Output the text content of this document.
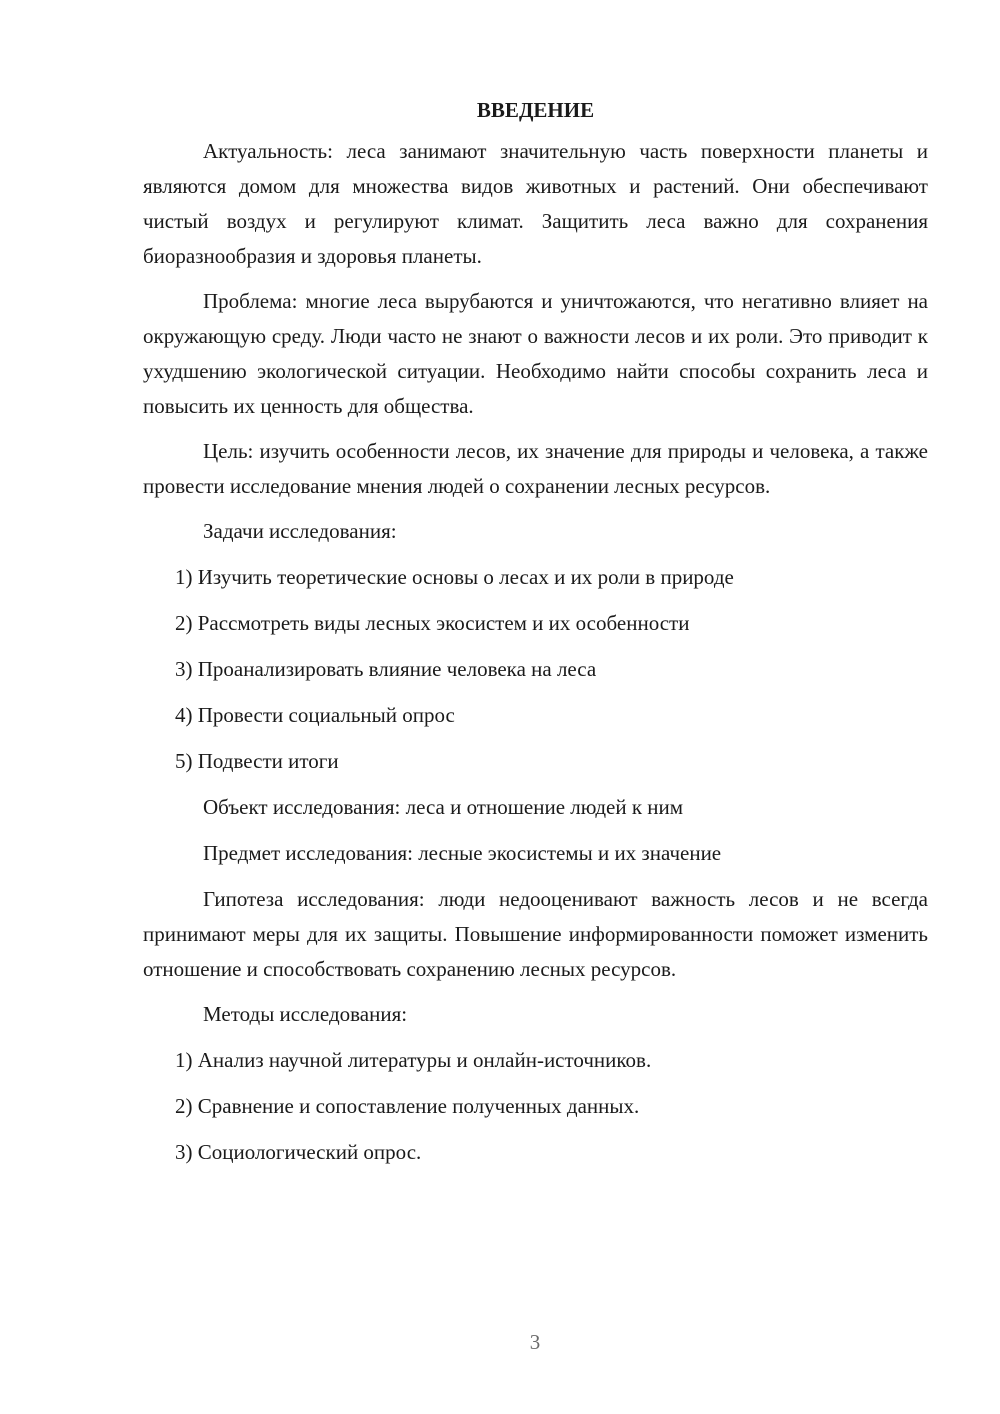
ВВЕДЕНИЕ

Актуальность: леса занимают значительную часть поверхности планеты и являются домом для множества видов животных и растений. Они обеспечивают чистый воздух и регулируют климат. Защитить леса важно для сохранения биоразнообразия и здоровья планеты.

Проблема: многие леса вырубаются и уничтожаются, что негативно влияет на окружающую среду. Люди часто не знают о важности лесов и их роли. Это приводит к ухудшению экологической ситуации. Необходимо найти способы сохранить леса и повысить их ценность для общества.

Цель: изучить особенности лесов, их значение для природы и человека, а также провести исследование мнения людей о сохранении лесных ресурсов.

Задачи исследования:

1) Изучить теоретические основы о лесах и их роли в природе

2) Рассмотреть виды лесных экосистем и их особенности

3) Проанализировать влияние человека на леса

4) Провести социальный опрос

5) Подвести итоги

Объект исследования: леса и отношение людей к ним

Предмет исследования: лесные экосистемы и их значение

Гипотеза исследования: люди недооценивают важность лесов и не всегда принимают меры для их защиты. Повышение информированности поможет изменить отношение и способствовать сохранению лесных ресурсов.

Методы исследования:

1) Анализ научной литературы и онлайн-источников.

2) Сравнение и сопоставление полученных данных.

3) Социологический опрос.

3
